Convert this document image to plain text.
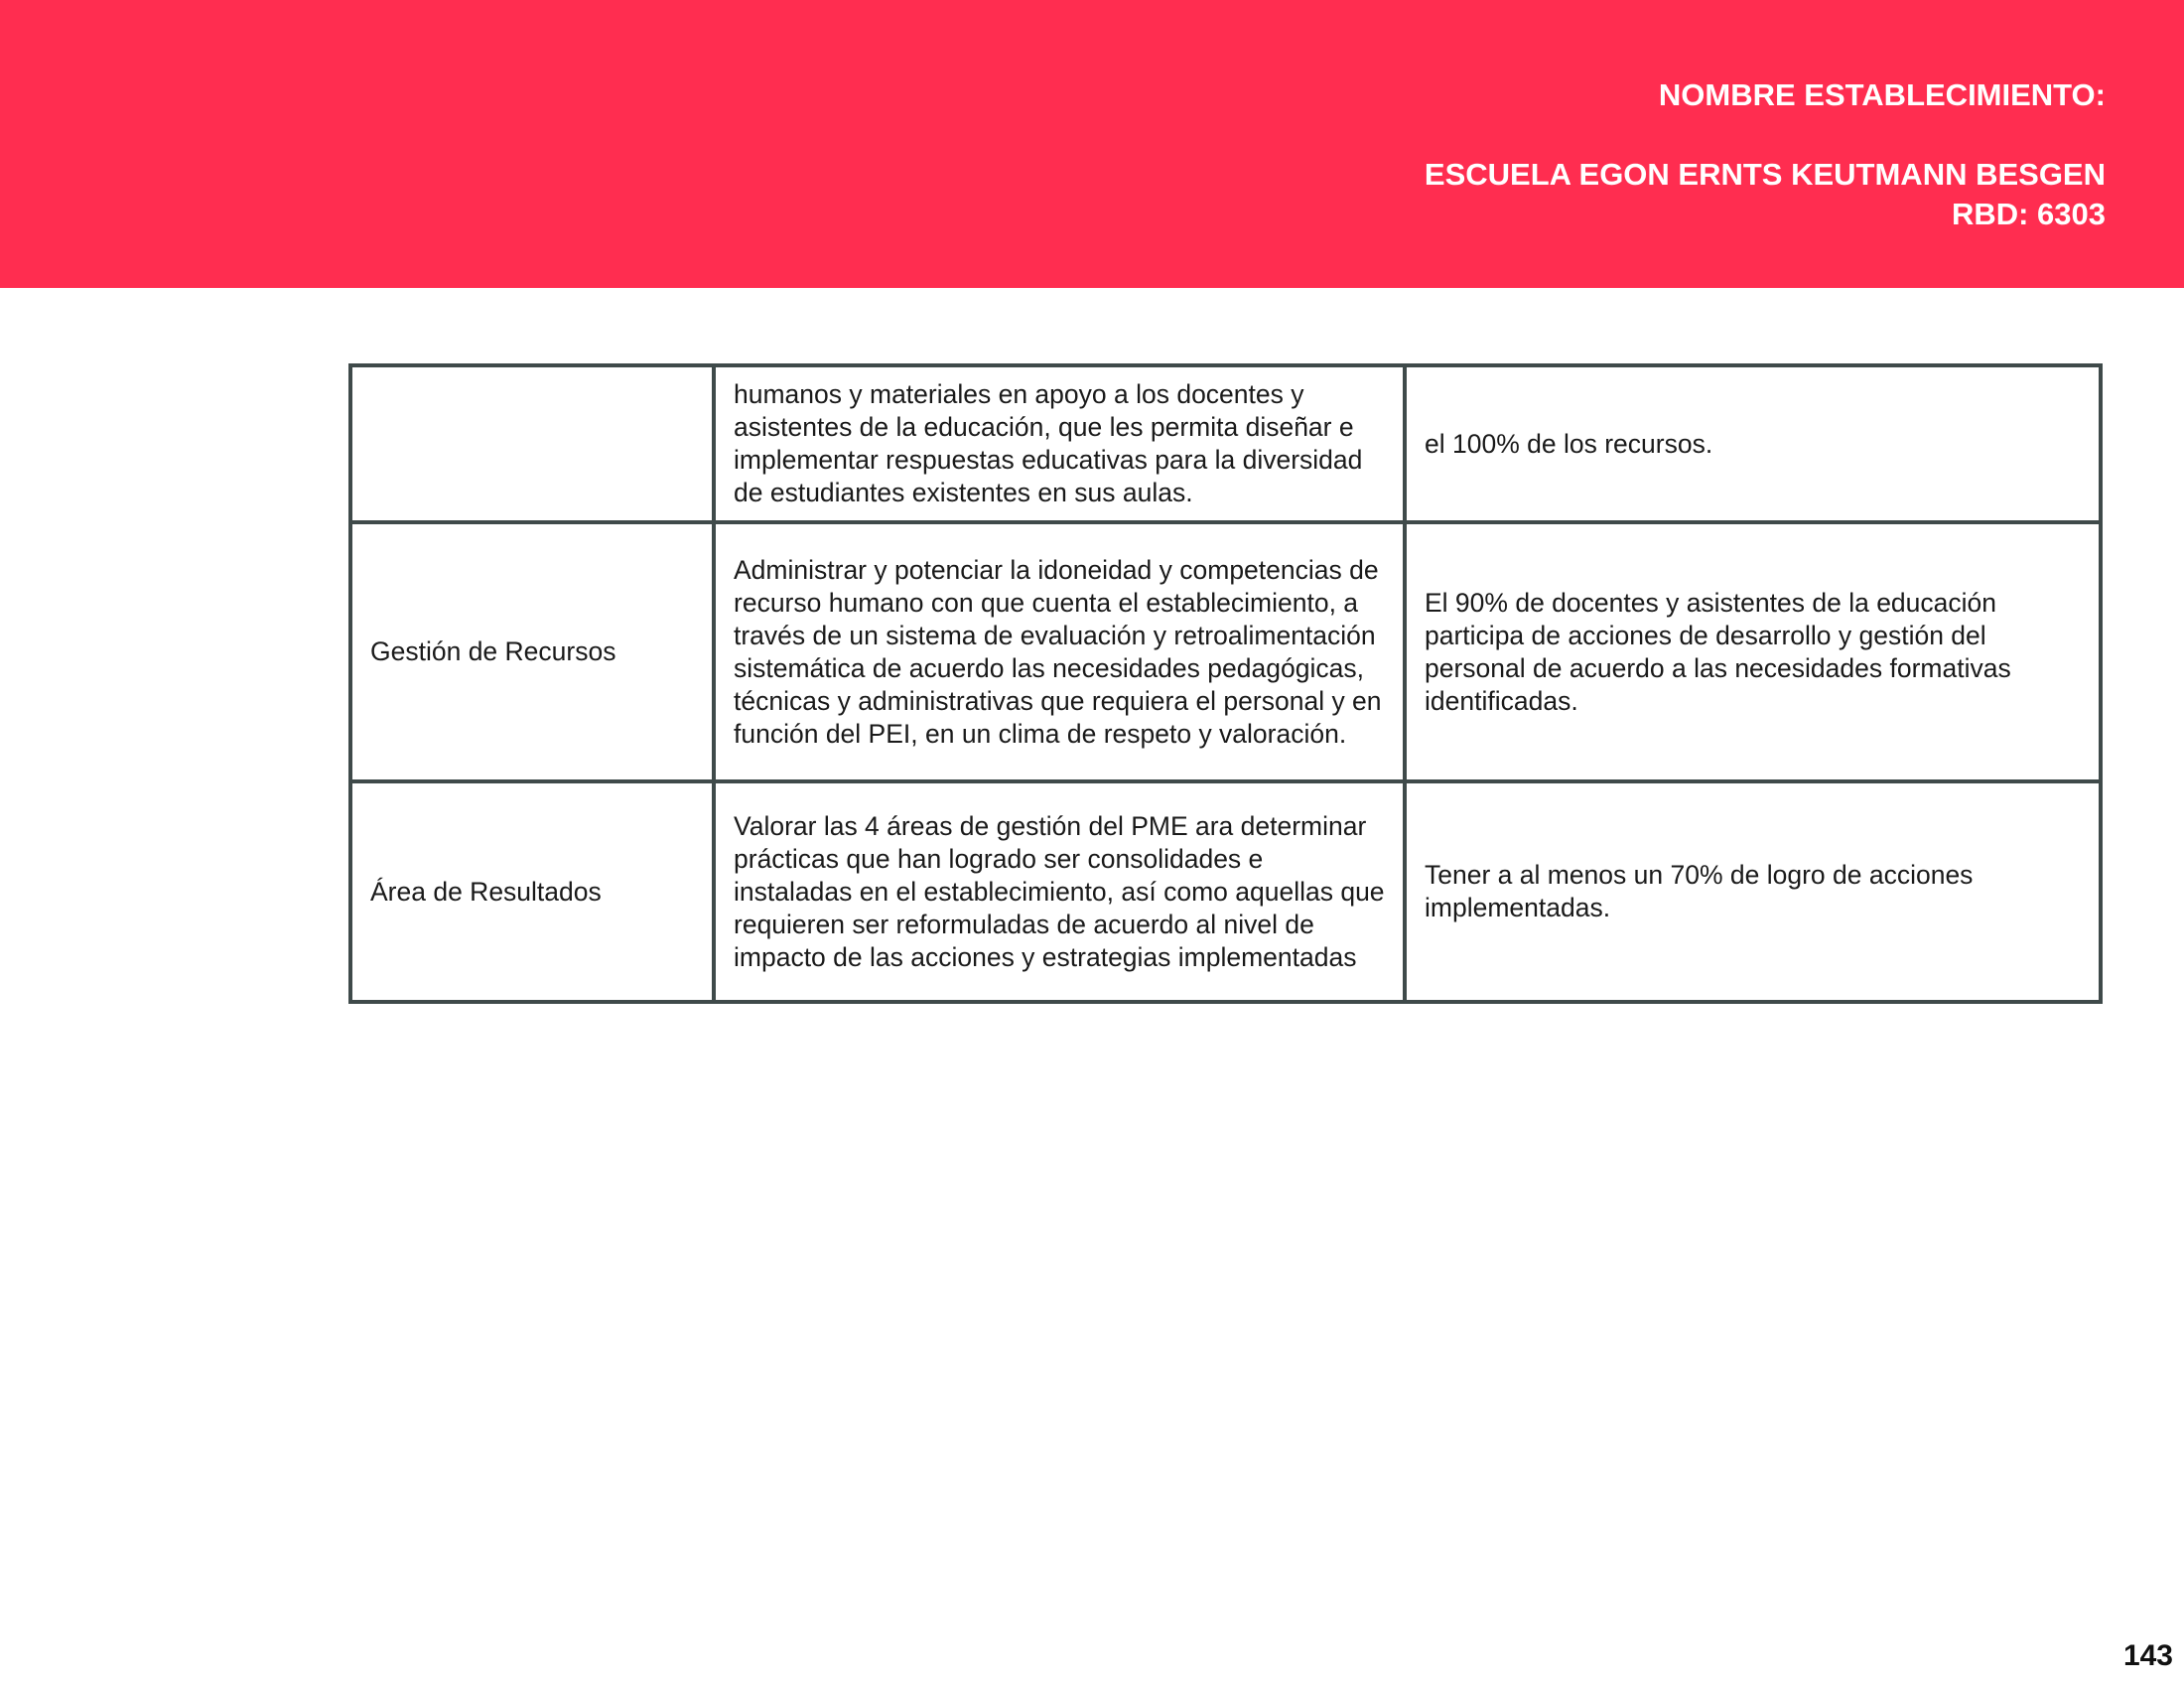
NOMBRE ESTABLECIMIENTO:
ESCUELA EGON ERNTS KEUTMANN BESGEN
RBD: 6303
	humanos y materiales en apoyo a los docentes y asistentes de la educación, que les permita diseñar e implementar respuestas educativas para la diversidad de estudiantes existentes en sus aulas.	el 100% de los recursos.
Gestión de Recursos	Administrar y potenciar la idoneidad y competencias de recurso humano con que cuenta el establecimiento, a través de un sistema de evaluación y retroalimentación sistemática de acuerdo las necesidades pedagógicas, técnicas y administrativas que requiera el personal y en función del PEI, en un clima de respeto y valoración.	El 90% de docentes y asistentes de la educación participa de acciones de desarrollo y gestión del personal de acuerdo a las necesidades formativas identificadas.
Área de Resultados	Valorar las 4 áreas de gestión del PME ara determinar prácticas que han logrado ser consolidades e instaladas en el establecimiento, así como aquellas que requieren ser reformuladas de acuerdo al nivel de impacto de las acciones y estrategias implementadas	Tener a al menos un 70% de logro de acciones implementadas.
143
